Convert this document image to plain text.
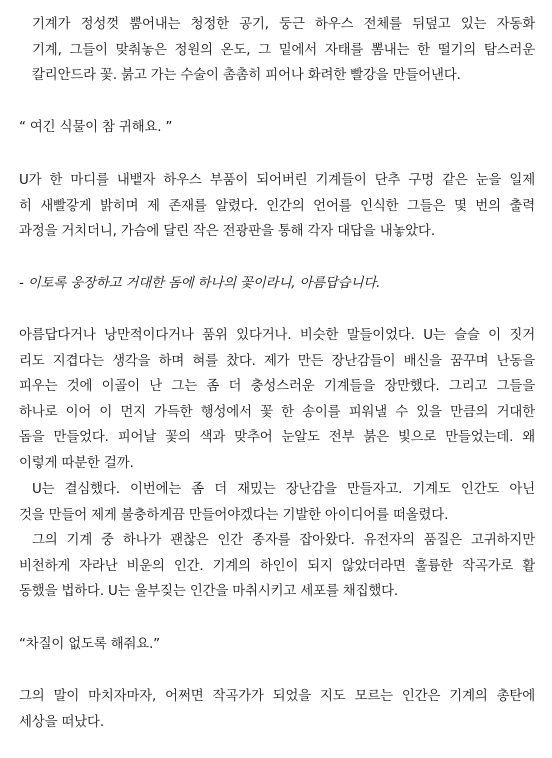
기계가 정성껏 뿜어내는 청정한 공기, 둥근 하우스 전체를 뒤덮고 있는 자동화
기계, 그들이 맞춰놓은 정원의 온도, 그 밑에서 자태를 뽐내는 한 떨기의 탐스러운
칼리안드라 꽃. 붉고 가는 수술이 촘촘히 피어나 화려한 빨강을 만들어낸다.
“ 여긴 식물이 참 귀해요. ”
U가 한 마디를 내뱉자 하우스 부품이 되어버린 기계들이 단추 구멍 같은 눈을 일제
히 새빨갛게 밝히며 제 존재를 알렸다. 인간의 언어를 인식한 그들은 몇 번의 출력
과정을 거치더니, 가슴에 달린 작은 전광판을 통해 각자 대답을 내놓았다.
- 이토록 웅장하고 거대한 돔에 하나의 꽃이라니, 아름답습니다.
아름답다거나 낭만적이다거나 품위 있다거나. 비슷한 말들이었다. U는 슬슬 이 짓거
리도 지겹다는 생각을 하며 혀를 찼다. 제가 만든 장난감들이 배신을 꿈꾸며 난동을
피우는 것에 이골이 난 그는 좀 더 충성스러운 기계들을 장만했다. 그리고 그들을
하나로 이어 이 먼지 가득한 행성에서 꽃 한 송이를 피워낼 수 있을 만큼의 거대한
돔을 만들었다. 피어날 꽃의 색과 맞추어 눈알도 전부 붉은 빛으로 만들었는데. 왜
이렇게 따분한 걸까.
U는 결심했다. 이번에는 좀 더 재밌는 장난감을 만들자고. 기계도 인간도 아닌
것을 만들어 제게 불충하게끔 만들어야겠다는 기발한 아이디어를 떠올렸다.
그의 기계 중 하나가 괜찮은 인간 종자를 잡아왔다. 유전자의 품질은 고귀하지만
비천하게 자라난 비운의 인간. 기계의 하인이 되지 않았더라면 훌륭한 작곡가로 활
동했을 법하다. U는 울부짖는 인간을 마취시키고 세포를 채집했다.
“차질이 없도록 해줘요.”
그의 말이 마치자마자, 어쩌면 작곡가가 되었을 지도 모르는 인간은 기계의 총탄에
세상을 떠났다.
